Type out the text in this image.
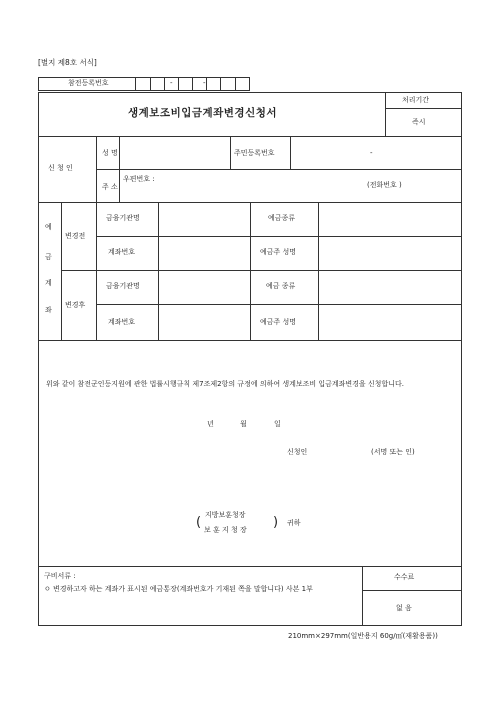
[별지 제8호 서식]
참전등록번호	-	-
생계보조비입금계좌변경신청서
처리기간
즉시
신 청 인
성 명	주민등록번호	-
주 소
우편번호 :
(전화번호 )
예
금
계
좌
변경전
변경후
금융기관명	예금종류
계좌번호	예금주 성명
금융기관명	예금 종류
계좌번호	예금주 성명
위와 같이 참전군인등지원에 관한 법률시행규칙 제7조제2항의 규정에 의하여 생계보조비 입금계좌변경을 신청합니다.
년	월	일
신청인	(서명 또는 인)
( 지방보훈청장
보 훈 지 청 장 ) 귀하
구비서류 :
ㅇ 변경하고자 하는 계좌가 표시된 예금통장(계좌번호가 기재된 쪽을 말합니다) 사본 1부
수수료
없 음
210mm×297mm(일반용지 60g/㎡(재활용품))
